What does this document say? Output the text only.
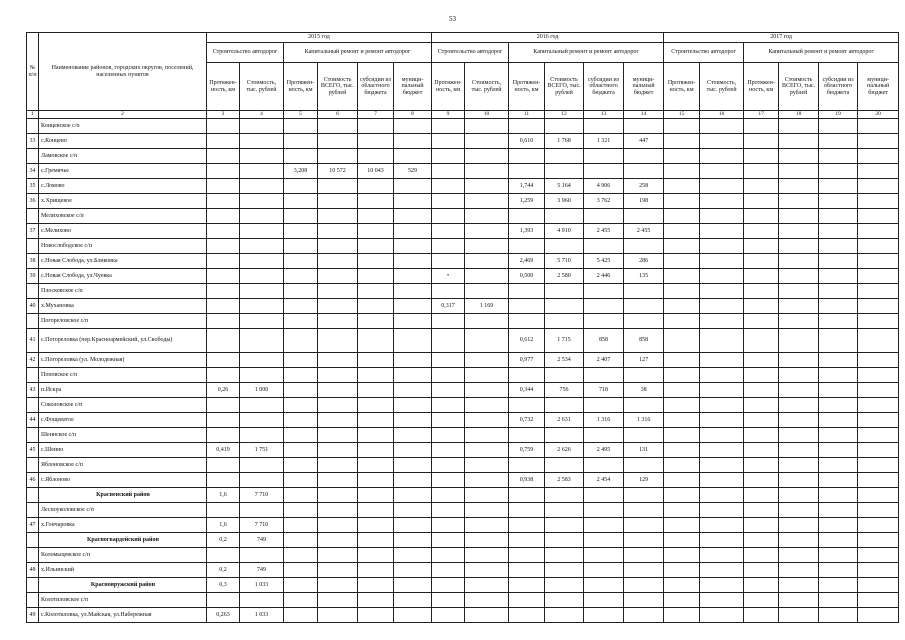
53
№ п/п	Наименование районов, городских округов, поселений, населенных пунктов	2015 год						2016 год						2017 год					
		Строительство автодорог		Капитальный ремонт и ремонт автодорог				Строительство автодорог		Капитальный ремонт и ремонт автодорог				Строительство автодорог		Капитальный ремонт и ремонт автодорог			

		Протяжен-ность, км	Стоимость, тыс. рублей	Протяжен-ность, км	Стоимость ВСЕГО, тыс. рублей	субсидии из областного бюджета	муници-пальный бюджет	Протяжен-ность, км	Стоимость, тыс. рублей	Протяжен-ность, км	Стоимость ВСЕГО, тыс. рублей	субсидии из областного бюджета	муници-пальный бюджет	Протяжен-ность, км	Стоимость, тыс. рублей	Протяжен-ность, км	Стоимость ВСЕГО, тыс. рублей	субсидии из областного бюджета	муници-пальный бюджет
1	2	3	4	5	6	7	8	9	10	11	12	13	14	15	16	17	18	19	20
	Концевское с/п																		
33	с.Концево									0,610	1 768	1 321	447						
	Ламовское с/п																		
34	с.Гремячье			3,208	10 572	10 043	529												
35	с.Ломово									1,744	5 164	4 906	258						
36	х.Хрищевое									1,259	3 960	3 762	198						
	Мелиховское с/п																		
37	с.Мелихово									1,393	4 910	2 455	2 455						
	Новослободское с/п																		
38	с.Новая Слобода, ул.Бликовка									2,469	5 710	5 425	286						
39	с.Новая Слобода, ул.Чуевка							•		0,500	2 580	2 446	135						
	Плосковское с/п																		
40	х.Мухановка							0,317	1 169										
	Погореловское с/п																		
41	с.Погореловка (пер.Красноармейский, ул.Свободы)									0,612	1 715	858	858						
42	с.Погореловка (ул. Молодежная)									0,977	2 534	2 407	127						
	Поповское с/п																		
43	п.Искра	0,26	1 000							0,344	756	718	38						
	Соколовское с/п																		
44	с.Фощеватое									0,732	2 631	1 316	1 316						
	Шеинское с/п																		
45	с.Шеино	0,419	1 751							0,759	2 626	2 495	131						
	Яблоновское с/п																		
46	с.Яблоново									0,938	2 583	2 454	129						
	Красненский район	1,6	7 710																
	Лесноуколовское с/п																		
47	х.Гончаровка	1,6	7 710																
	Красногвардейский район	0,2	749																
	Коломыцевское с/п																		
48	х.Ильинский	0,2	749																
	Краснояружский район	0,3	1 033																
	Колотиловское с/п																		
49	с.Колотиловка, ул.Майская, ул.Набережная	0,263	1 033																
